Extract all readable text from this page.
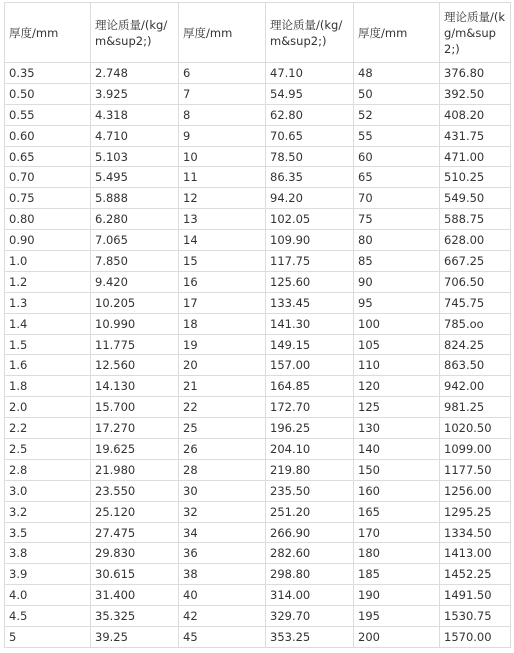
厚度/mm	理论质量/(kg/m&sup2;)	厚度/mm	理论质量/(kg/m&sup2;)	厚度/mm	理论质量/(kg/m&sup2;)
0.35	2.748	6	47.10	48	376.80
0.50	3.925	7	54.95	50	392.50
0.55	4.318	8	62.80	52	408.20
0.60	4.710	9	70.65	55	431.75
0.65	5.103	10	78.50	60	471.00
0.70	5.495	11	86.35	65	510.25
0.75	5.888	12	94.20	70	549.50
0.80	6.280	13	102.05	75	588.75
0.90	7.065	14	109.90	80	628.00
1.0	7.850	15	117.75	85	667.25
1.2	9.420	16	125.60	90	706.50
1.3	10.205	17	133.45	95	745.75
1.4	10.990	18	141.30	100	785.oo
1.5	11.775	19	149.15	105	824.25
1.6	12.560	20	157.00	110	863.50
1.8	14.130	21	164.85	120	942.00
2.0	15.700	22	172.70	125	981.25
2.2	17.270	25	196.25	130	1020.50
2.5	19.625	26	204.10	140	1099.00
2.8	21.980	28	219.80	150	1177.50
3.0	23.550	30	235.50	160	1256.00
3.2	25.120	32	251.20	165	1295.25
3.5	27.475	34	266.90	170	1334.50
3.8	29.830	36	282.60	180	1413.00
3.9	30.615	38	298.80	185	1452.25
4.0	31.400	40	314.00	190	1491.50
4.5	35.325	42	329.70	195	1530.75
5	39.25	45	353.25	200	1570.00
